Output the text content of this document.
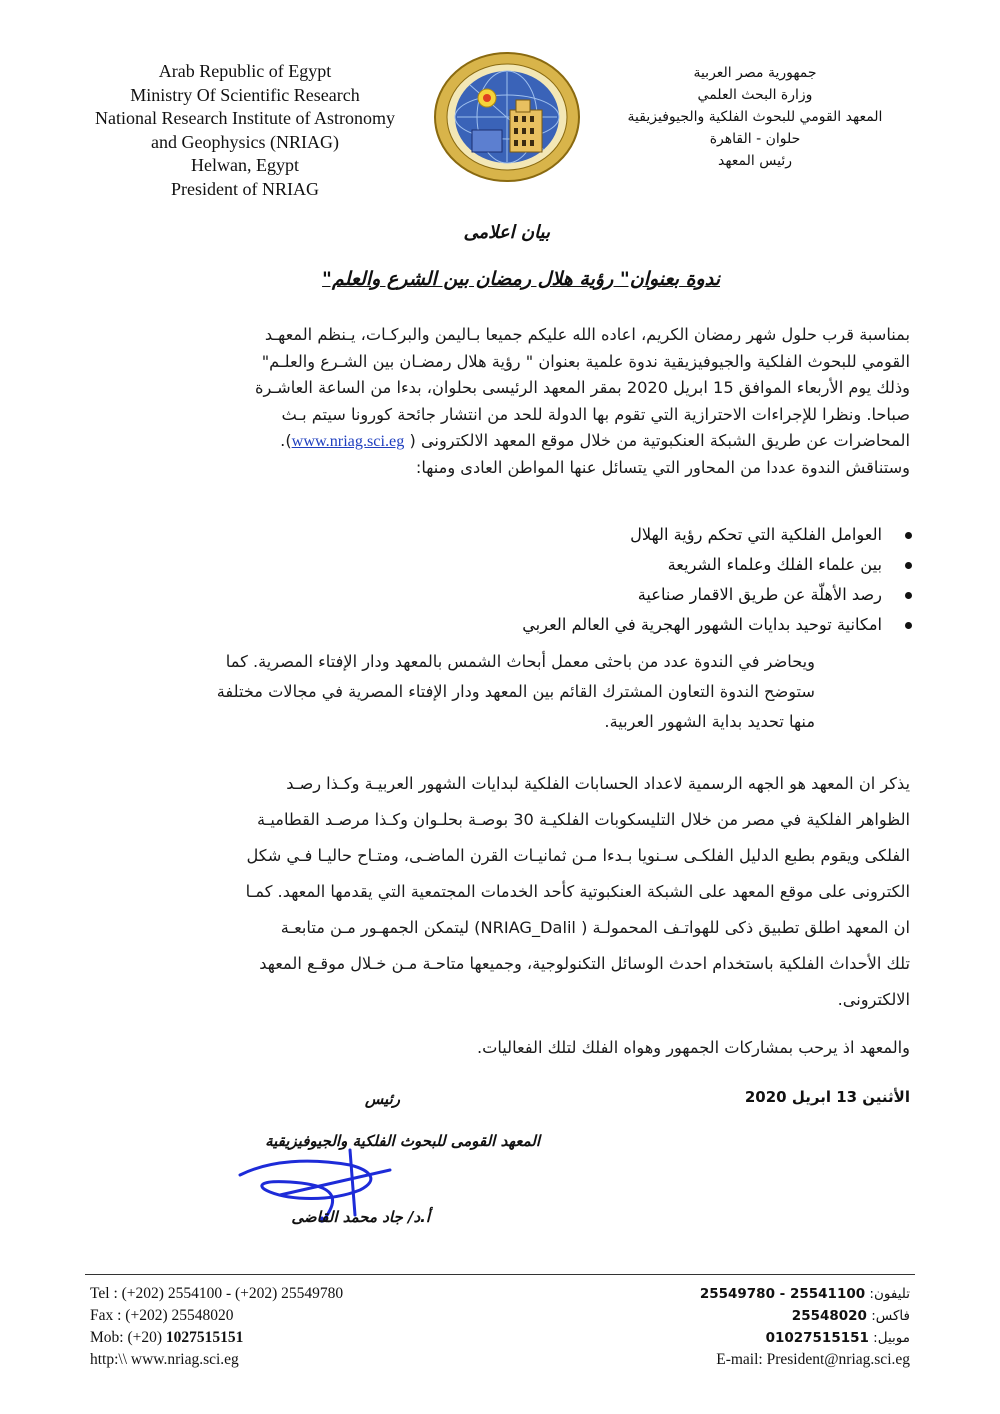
Arab Republic of Egypt
Ministry Of Scientific Research
National Research Institute of Astronomy
and Geophysics (NRIAG)
Helwan, Egypt
President of NRIAG
جمهورية مصر العربية
وزارة البحث العلمي
المعهد القومي للبحوث الفلكية والجيوفيزيقية
حلوان - القاهرة
رئيس المعهد
بيان اعلامى
ندوة بعنوان" رؤية هلال رمضان بين الشرع والعلم"
بمناسبة قرب حلول شهر رمضان الكريم، اعاده الله عليكم جميعا بـاليمن والبركـات، يـنظم المعهـد
القومي للبحوث الفلكية والجيوفيزيقية ندوة علمية بعنوان " رؤية هلال رمضـان بين الشـرع والعلـم"
وذلك يوم الأربعاء الموافق 15 ابريل 2020 بمقر المعهد الرئيسى بحلوان، بدءا من الساعة العاشـرة
صباحا. ونظرا للإجراءات الاحترازية التي تقوم بها الدولة للحد من انتشار جائحة كورونا سيتم بـث
المحاضرات عن طريق الشبكة العنكبوتية من خلال موقع المعهد الالكترونى ( www.nriag.sci.eg).
وستناقش الندوة عددا من المحاور التي يتسائل عنها المواطن العادى ومنها:
العوامل الفلكية التي تحكم رؤية الهلال
بين علماء الفلك وعلماء الشريعة
رصد الأهلّة عن طريق الاقمار صناعية
امكانية توحيد بدايات الشهور الهجرية في العالم العربي
ويحاضر في الندوة عدد من باحثى معمل أبحاث الشمس بالمعهد ودار الإفتاء المصرية. كما
ستوضح الندوة التعاون المشترك القائم بين المعهد ودار الإفتاء المصرية في مجالات مختلفة
منها تحديد بداية الشهور العربية.
يذكر ان المعهد هو الجهه الرسمية لاعداد الحسابات الفلكية لبدايات الشهور العربيـة وكـذا رصـد
الظواهر الفلكية في مصر من خلال التليسكوبات الفلكيـة 30 بوصـة بحلـوان وكـذا مرصـد القطاميـة
الفلكى ويقوم بطبع الدليل الفلكـى سـنويا بـدءا مـن ثمانيـات القرن الماضـى، ومتـاح حاليـا فـي شكل
الكترونى على موقع المعهد على الشبكة العنكبوتية كأحد الخدمات المجتمعية التي يقدمها المعهد. كمـا
ان المعهد اطلق تطبيق ذكى للهواتـف المحمولـة ( NRIAG_Dalil) ليتمكن الجمهـور مـن متابعـة
تلك الأحداث الفلكية باستخدام احدث الوسائل التكنولوجية، وجميعها متاحـة مـن خـلال موقـع المعهد
الالكترونى.
والمعهد اذ يرحب بمشاركات الجمهور وهواه الفلك لتلك الفعاليات.
الأثنين 13 ابريل 2020
رئيس
المعهد القومى للبحوث الفلكية والجيوفيزيقية
أ.د/ جاد محمد القاضى
Tel : (+202) 2554100 - (+202) 25549780
Fax : (+202) 25548020
Mob: (+20) 1027515151
http:\\ www.nriag.sci.eg
تليفون: 25541100 - 25549780
فاكس: 25548020
موبيل: 01027515151
E-mail: President@nriag.sci.eg
